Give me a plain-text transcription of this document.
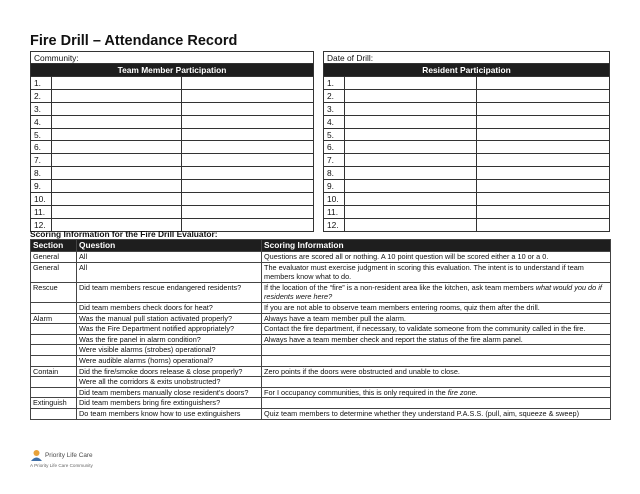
Fire Drill – Attendance Record
Community:		
Team Member Participation		
1.		
2.		
3.		
4.		
5.		
6.		
7.		
8.		
9.		
10.		
11.		
12.		
Date of Drill:		
Resident Participation		
1.		
2.		
3.		
4.		
5.		
6.		
7.		
8.		
9.		
10.		
11.		
12.		
Scoring Information for the Fire Drill Evaluator:
Section	Question	Scoring Information
General	All	Questions are scored all or nothing. A 10 point question will be scored either a 10 or a 0.
General	All	The evaluator must exercise judgment in scoring this evaluation. The intent is to understand if team members know what to do.
Rescue	Did team members rescue endangered residents?	If the location of the “fire” is a non-resident area like the kitchen, ask team members what would you do if residents were here?
	Did team members check doors for heat?	If you are not able to observe team members entering rooms, quiz them after the drill.
Alarm	Was the manual pull station activated properly?	Always have a team member pull the alarm.
	Was the Fire Department notified appropriately?	Contact the fire department, if necessary, to validate someone from the community called in the fire.
	Was the fire panel in alarm condition?	Always have a team member check and report the status of the fire alarm panel.
	Were visible alarms (strobes) operational?	
	Were audible alarms (horns) operational?	
Contain	Did the fire/smoke doors release & close properly?	Zero points if the doors were obstructed and unable to close.
	Were all the corridors & exits unobstructed?	
	Did team members manually close resident’s doors?	For I occupancy communities, this is only required in the fire zone.
Extinguish	Did team members bring fire extinguishers?	
	Do team members know how to use extinguishers	Quiz team members to determine whether they understand P.A.S.S. (pull, aim, squeeze & sweep)
Priority Life Care
A Priority Life Care Community
